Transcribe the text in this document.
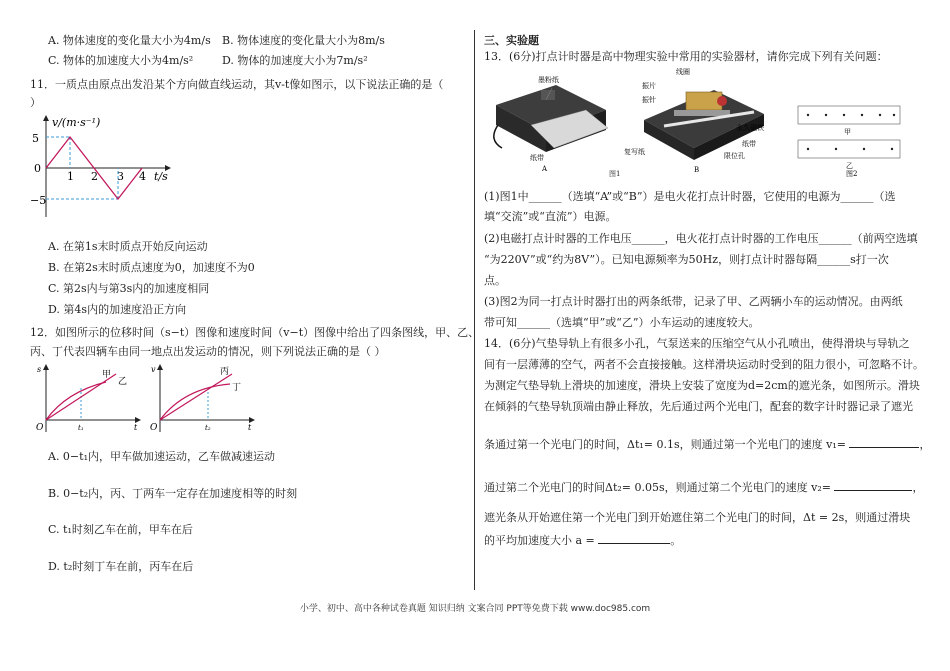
A. 物体速度的变化量大小为4m/s B. 物体速度的变化量大小为8m/s
C. 物体的加速度大小为4m/s²	D. 物体的加速度大小为7m/s²
11．一质点由原点出发沿某个方向做直线运动，其v-t像如图示，以下说法正确的是（
）
v/(m·s⁻¹)
t/s
5
0
−5
1 2 3 4
A. 在第1s末时质点开始反向运动
B. 在第2s末时质点速度为0，加速度不为0
C. 第2s内与第3s内的加速度相同
D. 第4s内的加速度沿正方向
12．如图所示的位移时间（s−t）图像和速度时间（v−t）图像中给出了四条图线，甲、乙、
丙、丁代表四辆车由同一地点出发运动的情况，则下列说法正确的是（ ）
s
t
O	t₁
甲
乙
v
t
O	t₂
丙
丁
A. 0−t₁内，甲车做加速运动，乙车做减速运动
B. 0−t₂内，丙、丁两车一定存在加速度相等的时刻
C. t₁时刻乙车在前，甲车在后
D. t₂时刻丁车在前，丙车在后
三、实验题
13．(6分)打点计时器是高中物理实验中常用的实验器材，请你完成下列有关问题：
墨粉纸
纸带
A
线圈
振片
振针
永久磁铁
纸带
复写纸	限位孔
B
图1
甲
乙
图2
(1)图1中______（选填“A”或“B”）是电火花打点计时器，它使用的电源为______（选
填“交流”或“直流”）电源。
(2)电磁打点计时器的工作电压______，电火花打点计时器的工作电压______（前两空选填
“为220V”或“约为8V”）。已知电源频率为50Hz，则打点计时器每隔______s打一次
点。
(3)图2为同一打点计时器打出的两条纸带，记录了甲、乙两辆小车的运动情况。由两纸
带可知______（选填“甲”或“乙”）小车运动的速度较大。
14．(6分)气垫导轨上有很多小孔，气泵送来的压缩空气从小孔喷出，使得滑块与导轨之
间有一层薄薄的空气，两者不会直接接触。这样滑块运动时受到的阻力很小，可忽略不计。
为测定气垫导轨上滑块的加速度，滑块上安装了宽度为d=2cm的遮光条，如图所示。滑块
在倾斜的气垫导轨顶端由静止释放，先后通过两个光电门，配套的数字计时器记录了遮光
条通过第一个光电门的时间，Δt₁= 0.1s，则通过第一个光电门的速度 v₁=	，
通过第二个光电门的时间Δt₂= 0.05s，则通过第二个光电门的速度 v₂=	，
遮光条从开始遮住第一个光电门到开始遮住第二个光电门的时间，Δt = 2s，则通过滑块
的平均加速度大小 a =	。
小学、初中、高中各种试卷真题 知识归纳 文案合同 PPT等免费下载 www.doc985.com
